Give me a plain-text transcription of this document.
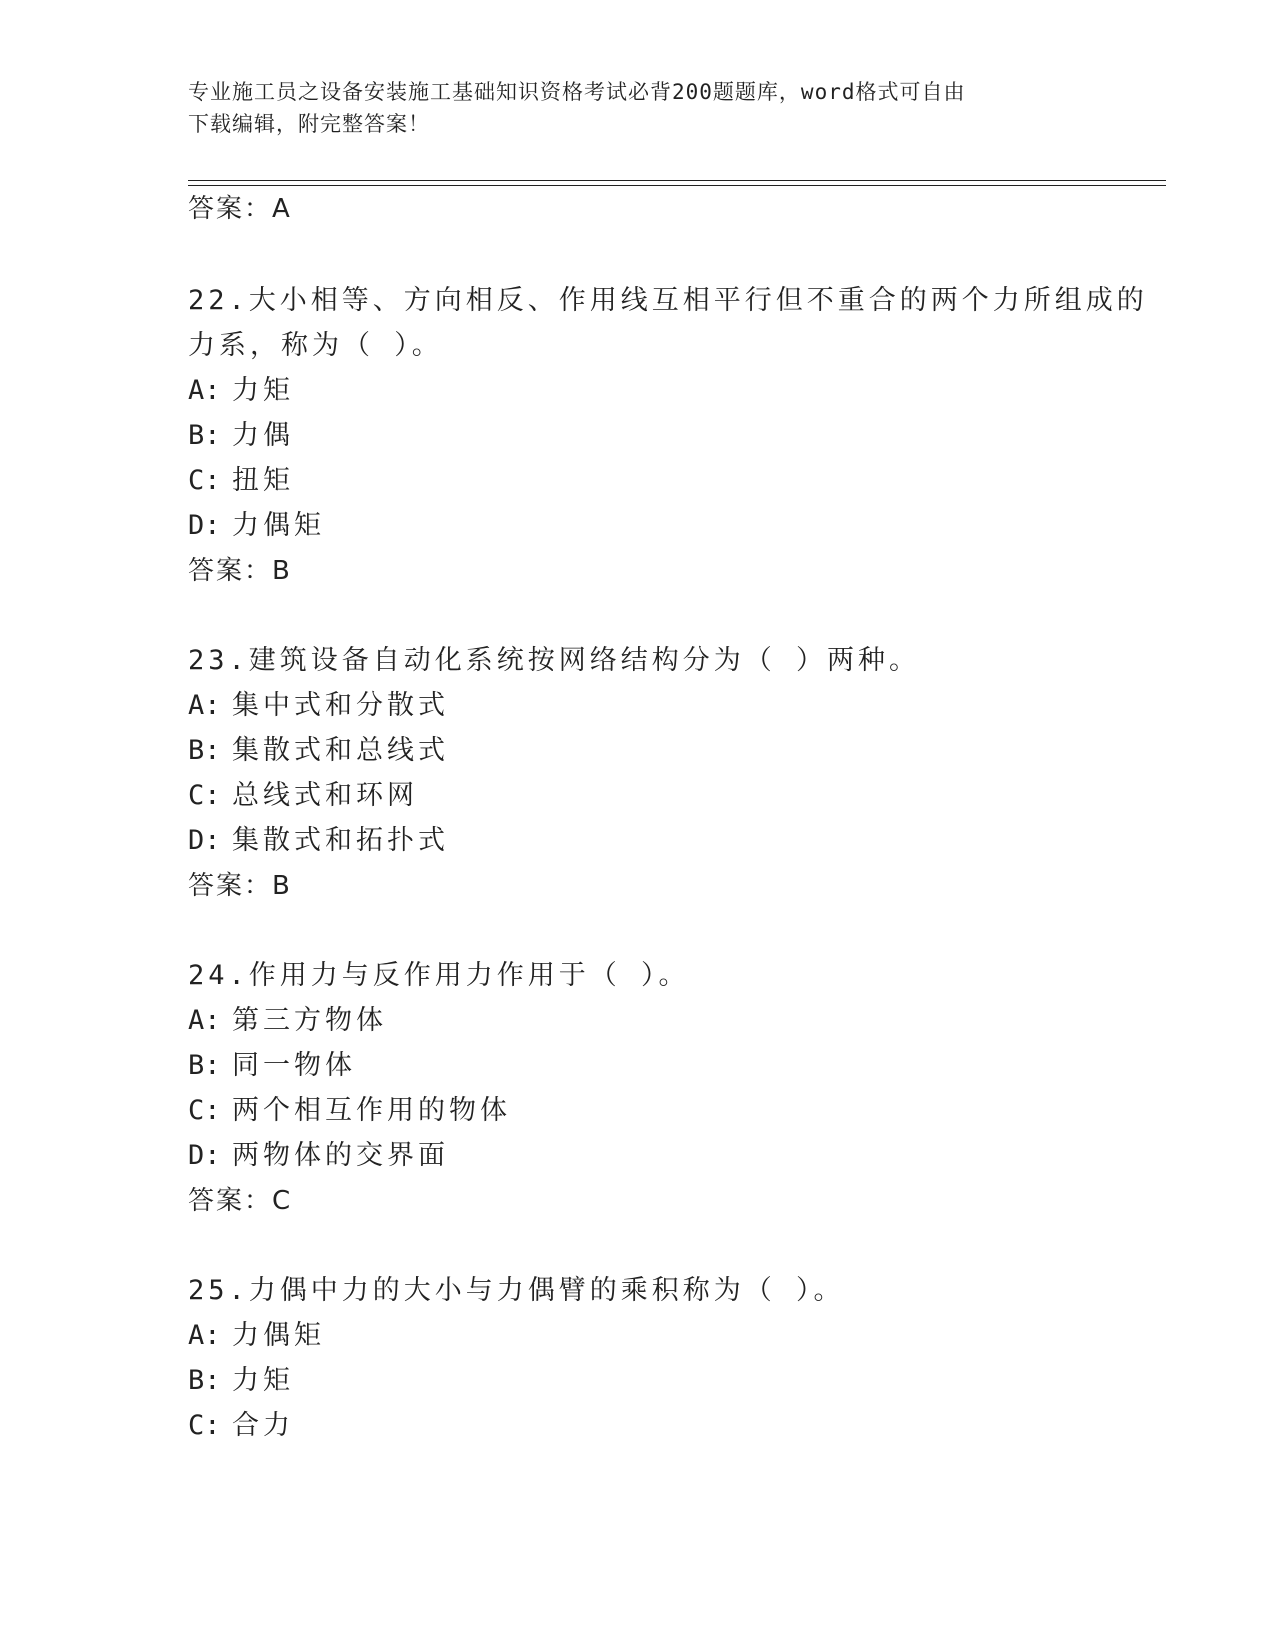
专业施工员之设备安装施工基础知识资格考试必背200题题库，word格式可自由
下载编辑，附完整答案！
答案：A
22.大小相等、方向相反、作用线互相平行但不重合的两个力所组成的
力系，称为（ ）。
A: 力矩
B: 力偶
C: 扭矩
D: 力偶矩
答案：B
23.建筑设备自动化系统按网络结构分为（ ）两种。
A: 集中式和分散式
B: 集散式和总线式
C: 总线式和环网
D: 集散式和拓扑式
答案：B
24.作用力与反作用力作用于（ ）。
A: 第三方物体
B: 同一物体
C: 两个相互作用的物体
D: 两物体的交界面
答案：C
25.力偶中力的大小与力偶臂的乘积称为（ ）。
A: 力偶矩
B: 力矩
C: 合力
